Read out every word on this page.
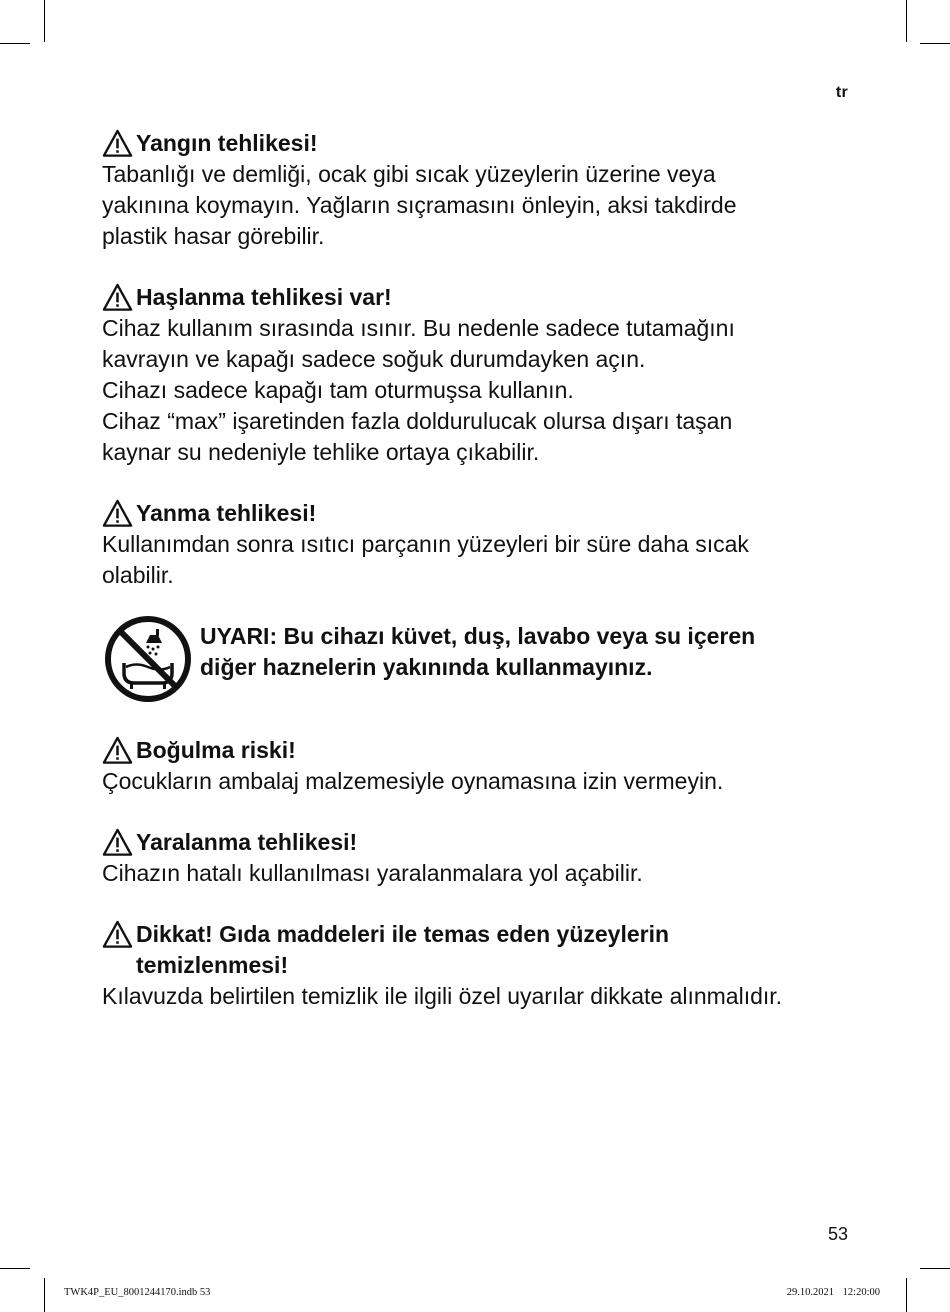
tr
Yangın tehlikesi!

Tabanlığı ve demliği, ocak gibi sıcak yüzeylerin üzerine veya

yakınına koymayın. Yağların sıçramasını önleyin, aksi takdirde

plastik hasar görebilir.

Haşlanma tehlikesi var!

Cihaz kullanım sırasında ısınır. Bu nedenle sadece tutamağını

kavrayın ve kapağı sadece soğuk durumdayken açın.

Cihazı sadece kapağı tam oturmuşsa kullanın.

Cihaz “max” işaretinden fazla doldurulucak olursa dışarı taşan

kaynar su nedeniyle tehlike ortaya çıkabilir.

Yanma tehlikesi!

Kullanımdan sonra ısıtıcı parçanın yüzeyleri bir süre daha sıcak

olabilir.

UYARI: Bu cihazı küvet, duş, lavabo veya su içeren
diğer haznelerin yakınında kullanmayınız.
Boğulma riski!

Çocukların ambalaj malzemesiyle oynamasına izin vermeyin.

Yaralanma tehlikesi!

Cihazın hatalı kullanılması yaralanmalara yol açabilir.

Dikkat! Gıda maddeleri ile temas eden yüzeylerin
temizlenmesi!

Kılavuzda belirtilen temizlik ile ilgili özel uyarılar dikkate alınmalıdır.

53
TWK4P_EU_8001244170.indb 53	29.10.2021 12:20:00
